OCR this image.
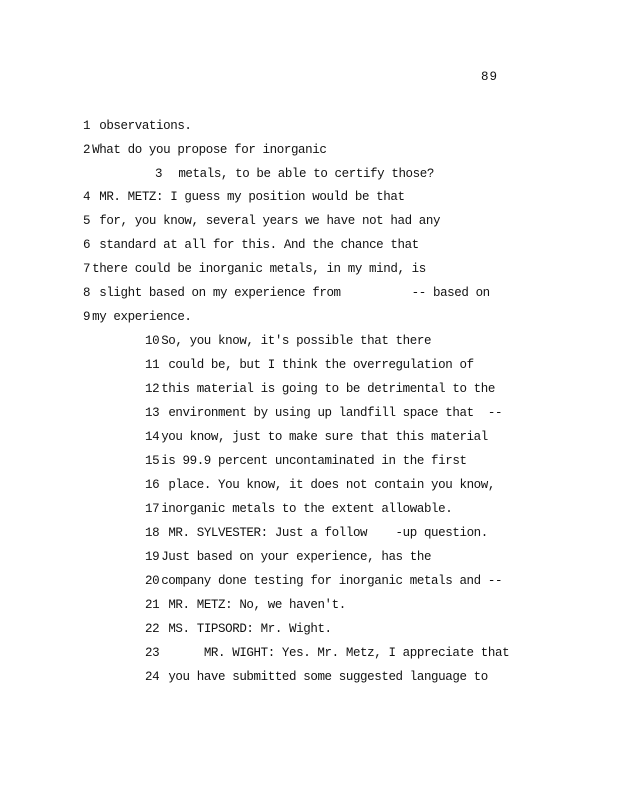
89
1 observations.
2 What do you propose for inorganic
3 metals, to be able to certify those?
4 MR. METZ: I guess my position would be that
5 for, you know, several years we have not had any
6 standard at all for this. And the chance that
7 there could be inorganic metals, in my mind, is
8 slight based on my experience from          -- based on
9 my experience.
10 So, you know, it's possible that there
11 could be, but I think the overregulation of
12 this material is going to be detrimental to the
13 environment by using up landfill space that  --
14 you know, just to make sure that this material
15 is 99.9 percent uncontaminated in the first
16 place. You know, it does not contain you know,
17 inorganic metals to the extent allowable.
18 MR. SYLVESTER: Just a follow    -up question.
19 Just based on your experience, has the
20 company done testing for inorganic metals and --
21 MR. METZ: No, we haven't.
22 MS. TIPSORD: Mr. Wight.
23	MR. WIGHT: Yes. Mr. Metz, I appreciate that
24 you have submitted some suggested language to
